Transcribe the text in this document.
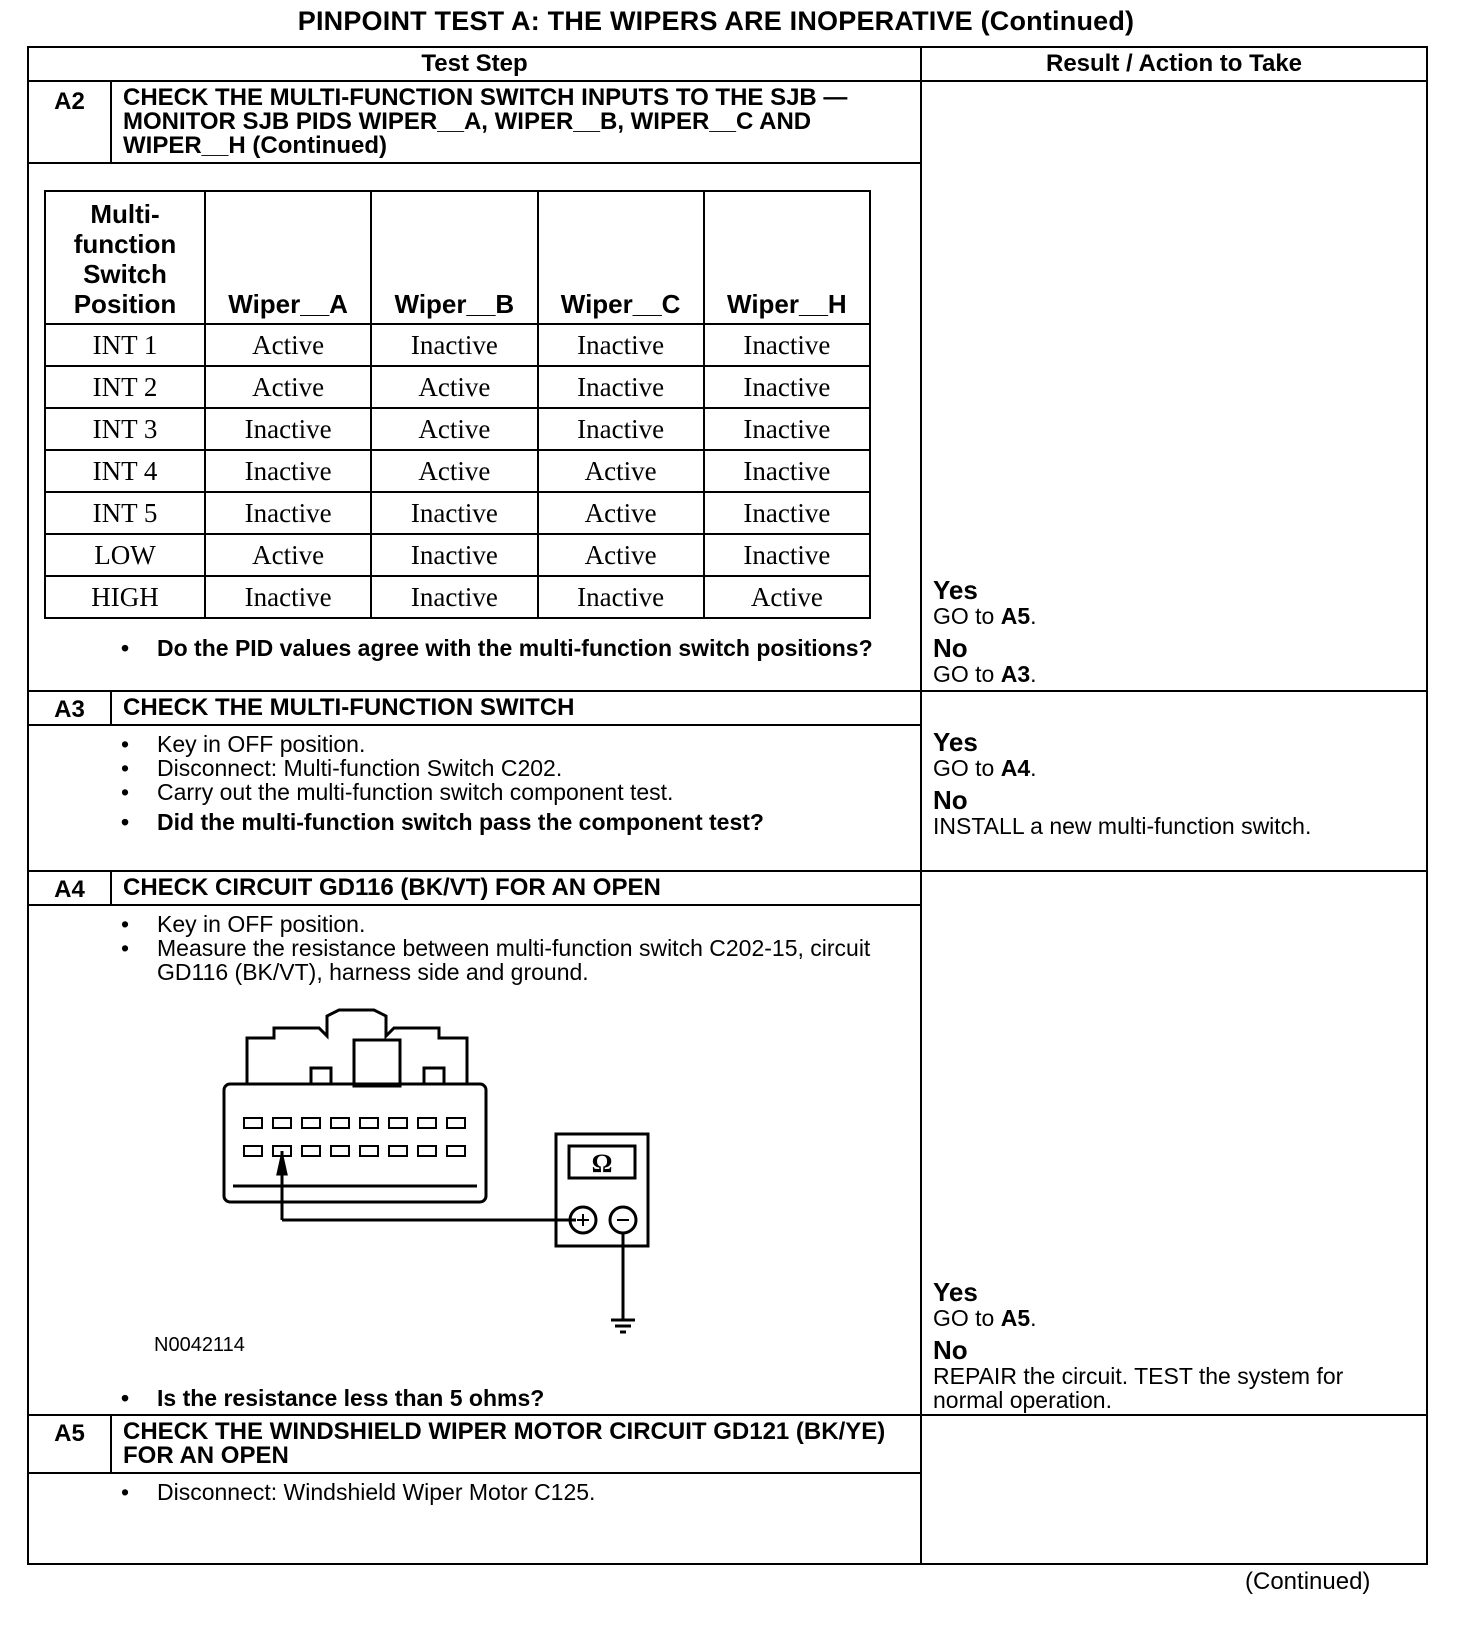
PINPOINT TEST A: THE WIPERS ARE INOPERATIVE (Continued)
Test Step	Result / Action to Take
A2	CHECK THE MULTI-FUNCTION SWITCH INPUTS TO THE SJB — MONITOR SJB PIDS WIPER__A, WIPER__B, WIPER__C AND WIPER__H (Continued)
Multi-function Switch Position	Wiper__A	Wiper__B	Wiper__C	Wiper__H
INT 1	Active	Inactive	Inactive	Inactive
INT 2	Active	Active	Inactive	Inactive
INT 3	Inactive	Active	Inactive	Inactive
INT 4	Inactive	Active	Active	Inactive
INT 5	Inactive	Inactive	Active	Inactive
LOW	Active	Inactive	Active	Inactive
HIGH	Inactive	Inactive	Inactive	Active
• Do the PID values agree with the multi-function switch positions?
Yes
GO to A5.
No
GO to A3.
A3	CHECK THE MULTI-FUNCTION SWITCH
• Key in OFF position.
• Disconnect: Multi-function Switch C202.
• Carry out the multi-function switch component test.
• Did the multi-function switch pass the component test?
Yes
GO to A4.
No
INSTALL a new multi-function switch.
A4	CHECK CIRCUIT GD116 (BK/VT) FOR AN OPEN
• Key in OFF position.
• Measure the resistance between multi-function switch C202-15, circuit GD116 (BK/VT), harness side and ground.
Ω
N0042114
• Is the resistance less than 5 ohms?
Yes
GO to A5.
No
REPAIR the circuit. TEST the system for normal operation.
A5	CHECK THE WINDSHIELD WIPER MOTOR CIRCUIT GD121 (BK/YE) FOR AN OPEN
• Disconnect: Windshield Wiper Motor C125.
(Continued)
